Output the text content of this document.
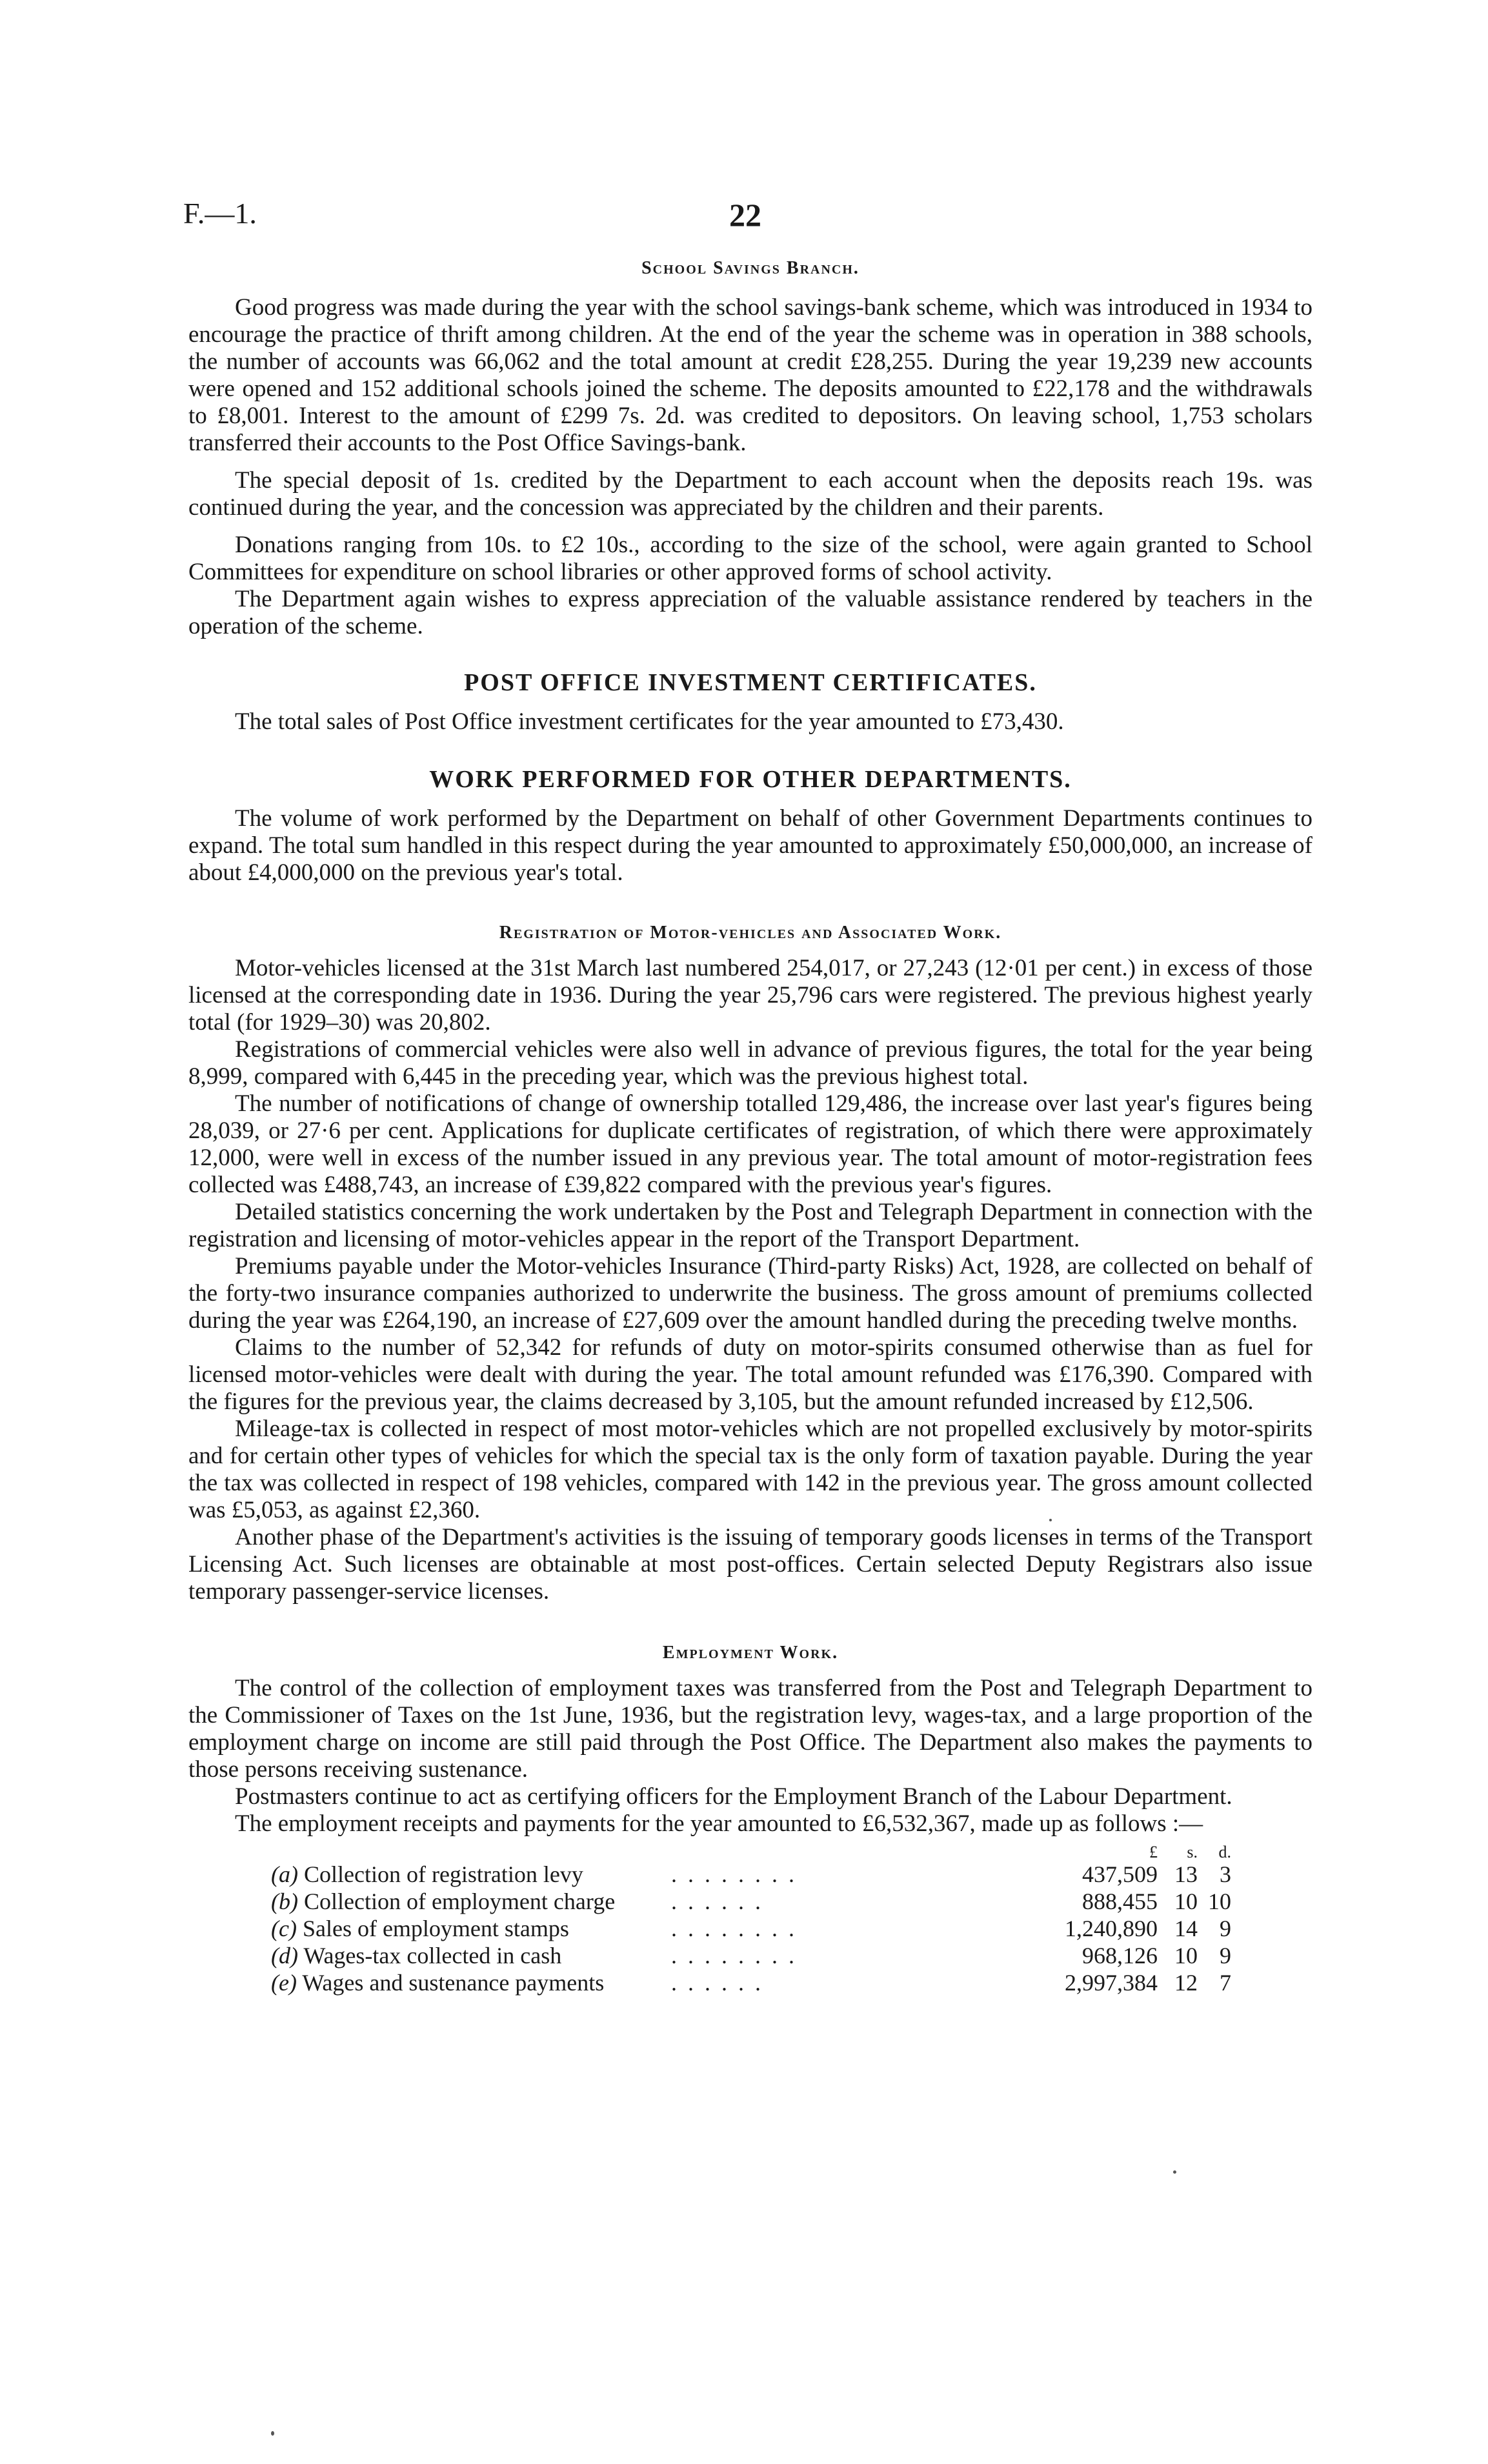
F.—1.	22
School Savings Branch.

Good progress was made during the year with the school savings-bank scheme, which was introduced in 1934 to encourage the practice of thrift among children. At the end of the year the scheme was in operation in 388 schools, the number of accounts was 66,062 and the total amount at credit £28,255. During the year 19,239 new accounts were opened and 152 additional schools joined the scheme. The deposits amounted to £22,178 and the withdrawals to £8,001. Interest to the amount of £299 7s. 2d. was credited to depositors. On leaving school, 1,753 scholars transferred their accounts to the Post Office Savings-bank.

The special deposit of 1s. credited by the Department to each account when the deposits reach 19s. was continued during the year, and the concession was appreciated by the children and their parents.

Donations ranging from 10s. to £2 10s., according to the size of the school, were again granted to School Committees for expenditure on school libraries or other approved forms of school activity.

The Department again wishes to express appreciation of the valuable assistance rendered by teachers in the operation of the scheme.

POST OFFICE INVESTMENT CERTIFICATES.

The total sales of Post Office investment certificates for the year amounted to £73,430.

WORK PERFORMED FOR OTHER DEPARTMENTS.

The volume of work performed by the Department on behalf of other Government Departments continues to expand. The total sum handled in this respect during the year amounted to approximately £50,000,000, an increase of about £4,000,000 on the previous year's total.

Registration of Motor-vehicles and Associated Work.

Motor-vehicles licensed at the 31st March last numbered 254,017, or 27,243 (12·01 per cent.) in excess of those licensed at the corresponding date in 1936. During the year 25,796 cars were registered. The previous highest yearly total (for 1929–30) was 20,802.

Registrations of commercial vehicles were also well in advance of previous figures, the total for the year being 8,999, compared with 6,445 in the preceding year, which was the previous highest total.

The number of notifications of change of ownership totalled 129,486, the increase over last year's figures being 28,039, or 27·6 per cent. Applications for duplicate certificates of registration, of which there were approximately 12,000, were well in excess of the number issued in any previous year. The total amount of motor-registration fees collected was £488,743, an increase of £39,822 compared with the previous year's figures.

Detailed statistics concerning the work undertaken by the Post and Telegraph Department in connection with the registration and licensing of motor-vehicles appear in the report of the Transport Department.

Premiums payable under the Motor-vehicles Insurance (Third-party Risks) Act, 1928, are collected on behalf of the forty-two insurance companies authorized to underwrite the business. The gross amount of premiums collected during the year was £264,190, an increase of £27,609 over the amount handled during the preceding twelve months.

Claims to the number of 52,342 for refunds of duty on motor-spirits consumed otherwise than as fuel for licensed motor-vehicles were dealt with during the year. The total amount refunded was £176,390. Compared with the figures for the previous year, the claims decreased by 3,105, but the amount refunded increased by £12,506.

Mileage-tax is collected in respect of most motor-vehicles which are not propelled exclusively by motor-spirits and for certain other types of vehicles for which the special tax is the only form of taxation payable. During the year the tax was collected in respect of 198 vehicles, compared with 142 in the previous year. The gross amount collected was £5,053, as against £2,360.

Another phase of the Department's activities is the issuing of temporary goods licenses in terms of the Transport Licensing Act. Such licenses are obtainable at most post-offices. Certain selected Deputy Registrars also issue temporary passenger-service licenses.

Employment Work.

The control of the collection of employment taxes was transferred from the Post and Telegraph Department to the Commissioner of Taxes on the 1st June, 1936, but the registration levy, wages-tax, and a large proportion of the employment charge on income are still paid through the Post Office. The Department also makes the payments to those persons receiving sustenance.

Postmasters continue to act as certifying officers for the Employment Branch of the Labour Department.

The employment receipts and payments for the year amounted to £6,532,367, made up as follows :—

£	s.	d.
(a) Collection of registration levy	. . . . . . . .	437,509 13 3
(b) Collection of employment charge	. . . . . .	888,455 10 10
(c) Sales of employment stamps	. . . . . . . .	1,240,890 14 9
(d) Wages-tax collected in cash	. . . . . . . .	968,126 10 9
(e) Wages and sustenance payments	. . . . . .	2,997,384 12 7
